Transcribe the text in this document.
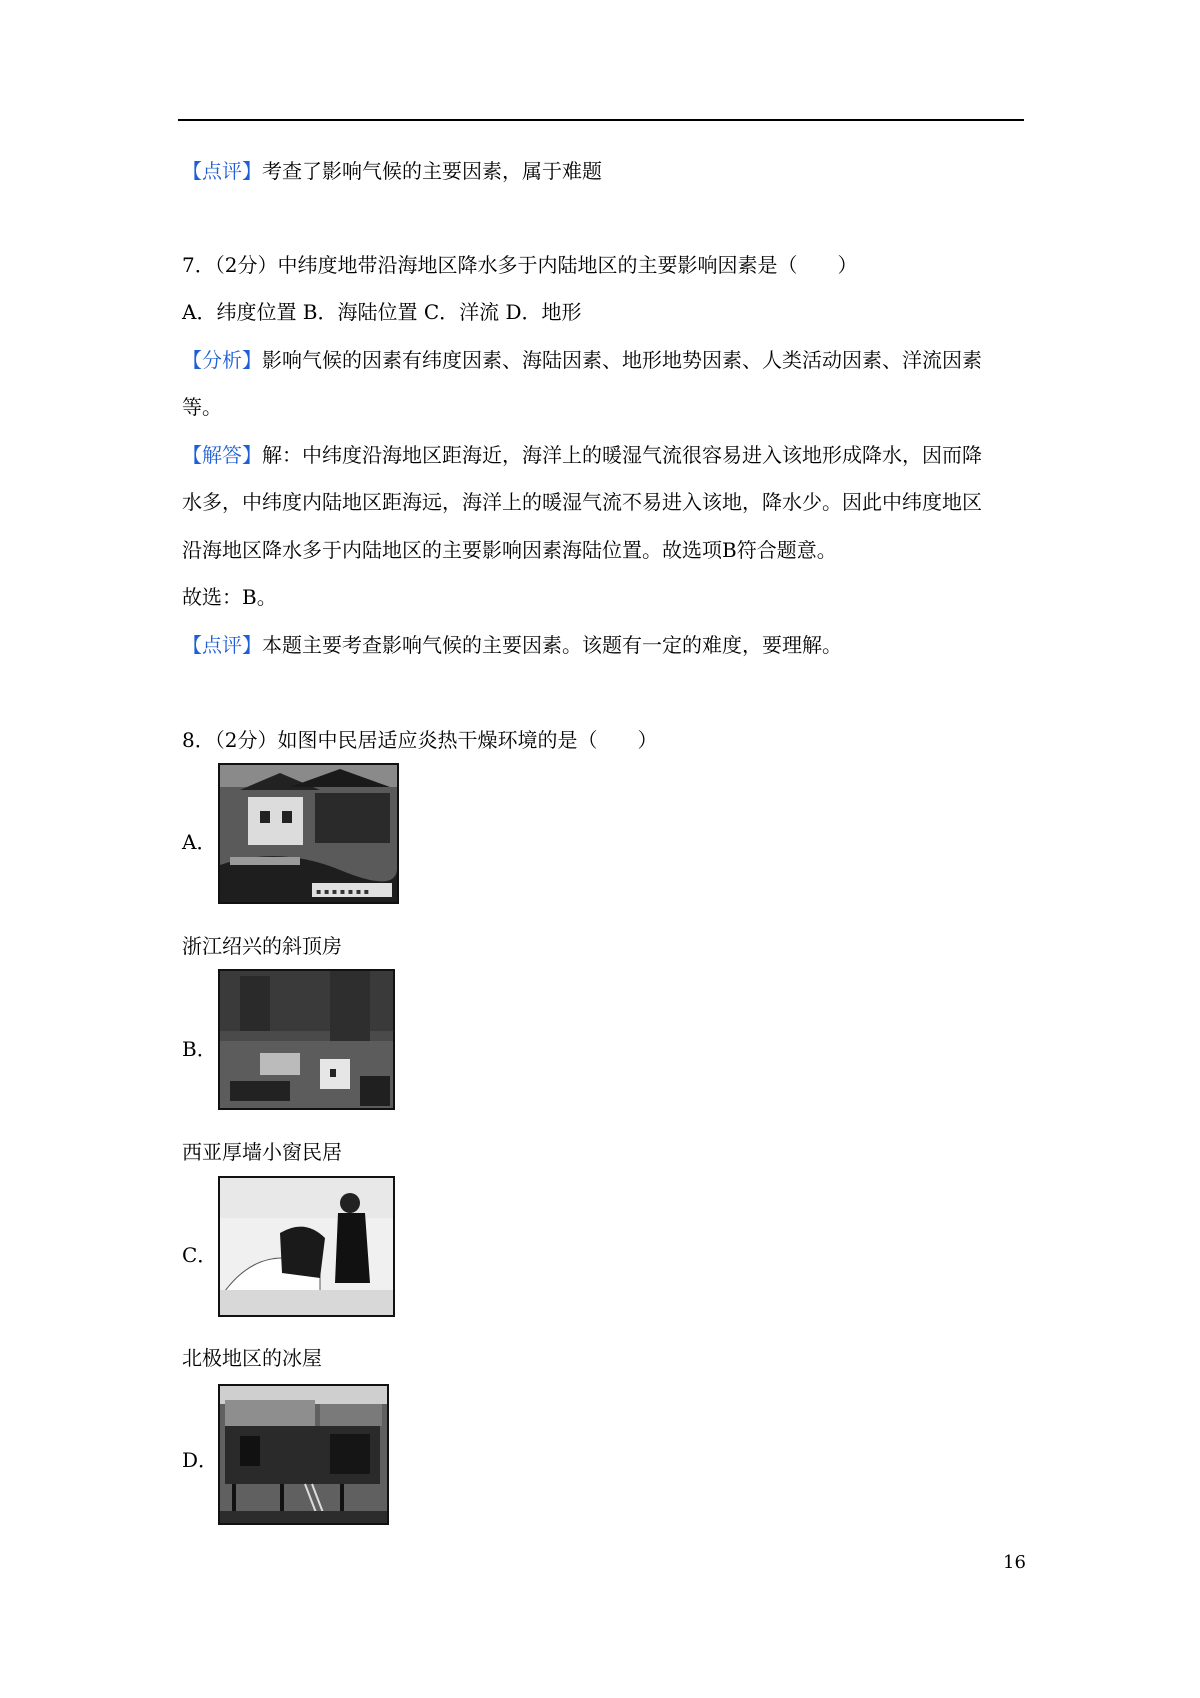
【点评】考查了影响气候的主要因素，属于难题
7．（2分）中纬度地带沿海地区降水多于内陆地区的主要影响因素是（　　）
A．纬度位置 B．海陆位置 C．洋流 D．地形
【分析】影响气候的因素有纬度因素、海陆因素、地形地势因素、人类活动因素、洋流因素
等。
【解答】解：中纬度沿海地区距海近，海洋上的暖湿气流很容易进入该地形成降水，因而降
水多，中纬度内陆地区距海远，海洋上的暖湿气流不易进入该地，降水少。因此中纬度地区
沿海地区降水多于内陆地区的主要影响因素海陆位置。故选项B符合题意。
故选：B。
【点评】本题主要考查影响气候的主要因素。该题有一定的难度，要理解。
8．（2分）如图中民居适应炎热干燥环境的是（　　）
A．
▪ ▪ ▪ ▪ ▪ ▪ ▪
浙江绍兴的斜顶房
B．
西亚厚墙小窗民居
C．
北极地区的冰屋
D．
16
